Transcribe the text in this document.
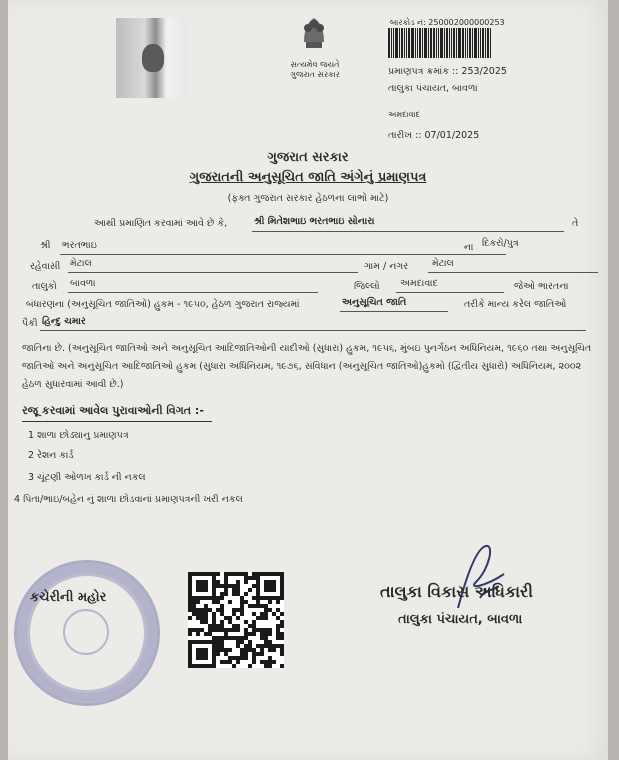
સત્યમેવ જયતે
ગુજરાત સરકાર
બારકોડ નં: 250002000000253
પ્રમાણપત્ર ક્રમાંક :: 253/2025
તાલુકા પંચાયત, બાવળા
અમદાવાદ
તારીખ :: 07/01/2025
ગુજરાત સરકાર
ગુજરાતની અનુસૂચિત જાતિ અંગેનું પ્રમાણપત્ર
(ફક્ત ગુજરાત સરકાર હેઠળના લાભો માટે)
આથી પ્રમાણિત કરવામાં આવે છે કે,	શ્રી મિતેશભાઇ ભરતભાઇ સોનારા	તે
શ્રી ભરતભાઇ	ના દિકરો/પુત્ર
રહેવાસી મેટાલ	ગામ / નગર	મેટાલ
તાલુકો બાવળા	જિલ્લો અમદાવાદ	જેઓ ભારતના
બંધારણના (અનુસૂચિત જાતિઓ) હુકમ - ૧૯૫૦, હેઠળ ગુજરાત રાજ્યમાં	અનુસૂચિત જાતિ	તરીકે માન્ય કરેલ જાતિઓ
પૈકી હિન્દુ ચમાર
જાતિના છે. (અનુસૂચિત જાતિઓ અને અનુસૂચિત આદિજાતિઓની યાદીઓ (સુધારા) હુકમ, ૧૯૫૬, મુંબઇ પુનર્ગઠન અધિનિયમ, ૧૯૬૦ તથા અનુસૂચિત જાતિઓ અને અનુસૂચિત આદિજાતિઓ હુકમ (સુધારા અધિનિયમ, ૧૯૭૬, સંવિધાન (અનુસૂચિત જાતિઓ)હુકમો (દ્વિતીય સુધારો) અધિનિયમ, ૨૦૦૨ હેઠળ સુધારવામાં આવી છે.)
રજૂ કરવામાં આવેલ પુરાવાઓની વિગત :-
1 શાળા છોડ્યાનુ પ્રમાણપત્ર
2 રેશન કાર્ડ
3 ચૂંટણી ઓળખ કાર્ડ ની નકલ
4 પિતા/ભાઇ/બહેન નું શાળા છોડવાનાં પ્રમાણપત્રની ખરી નકલ
કચેરીની મહોર	તાલુકા વિકાસ અધિકારી
તાલુકા પંચાયત, બાવળા
